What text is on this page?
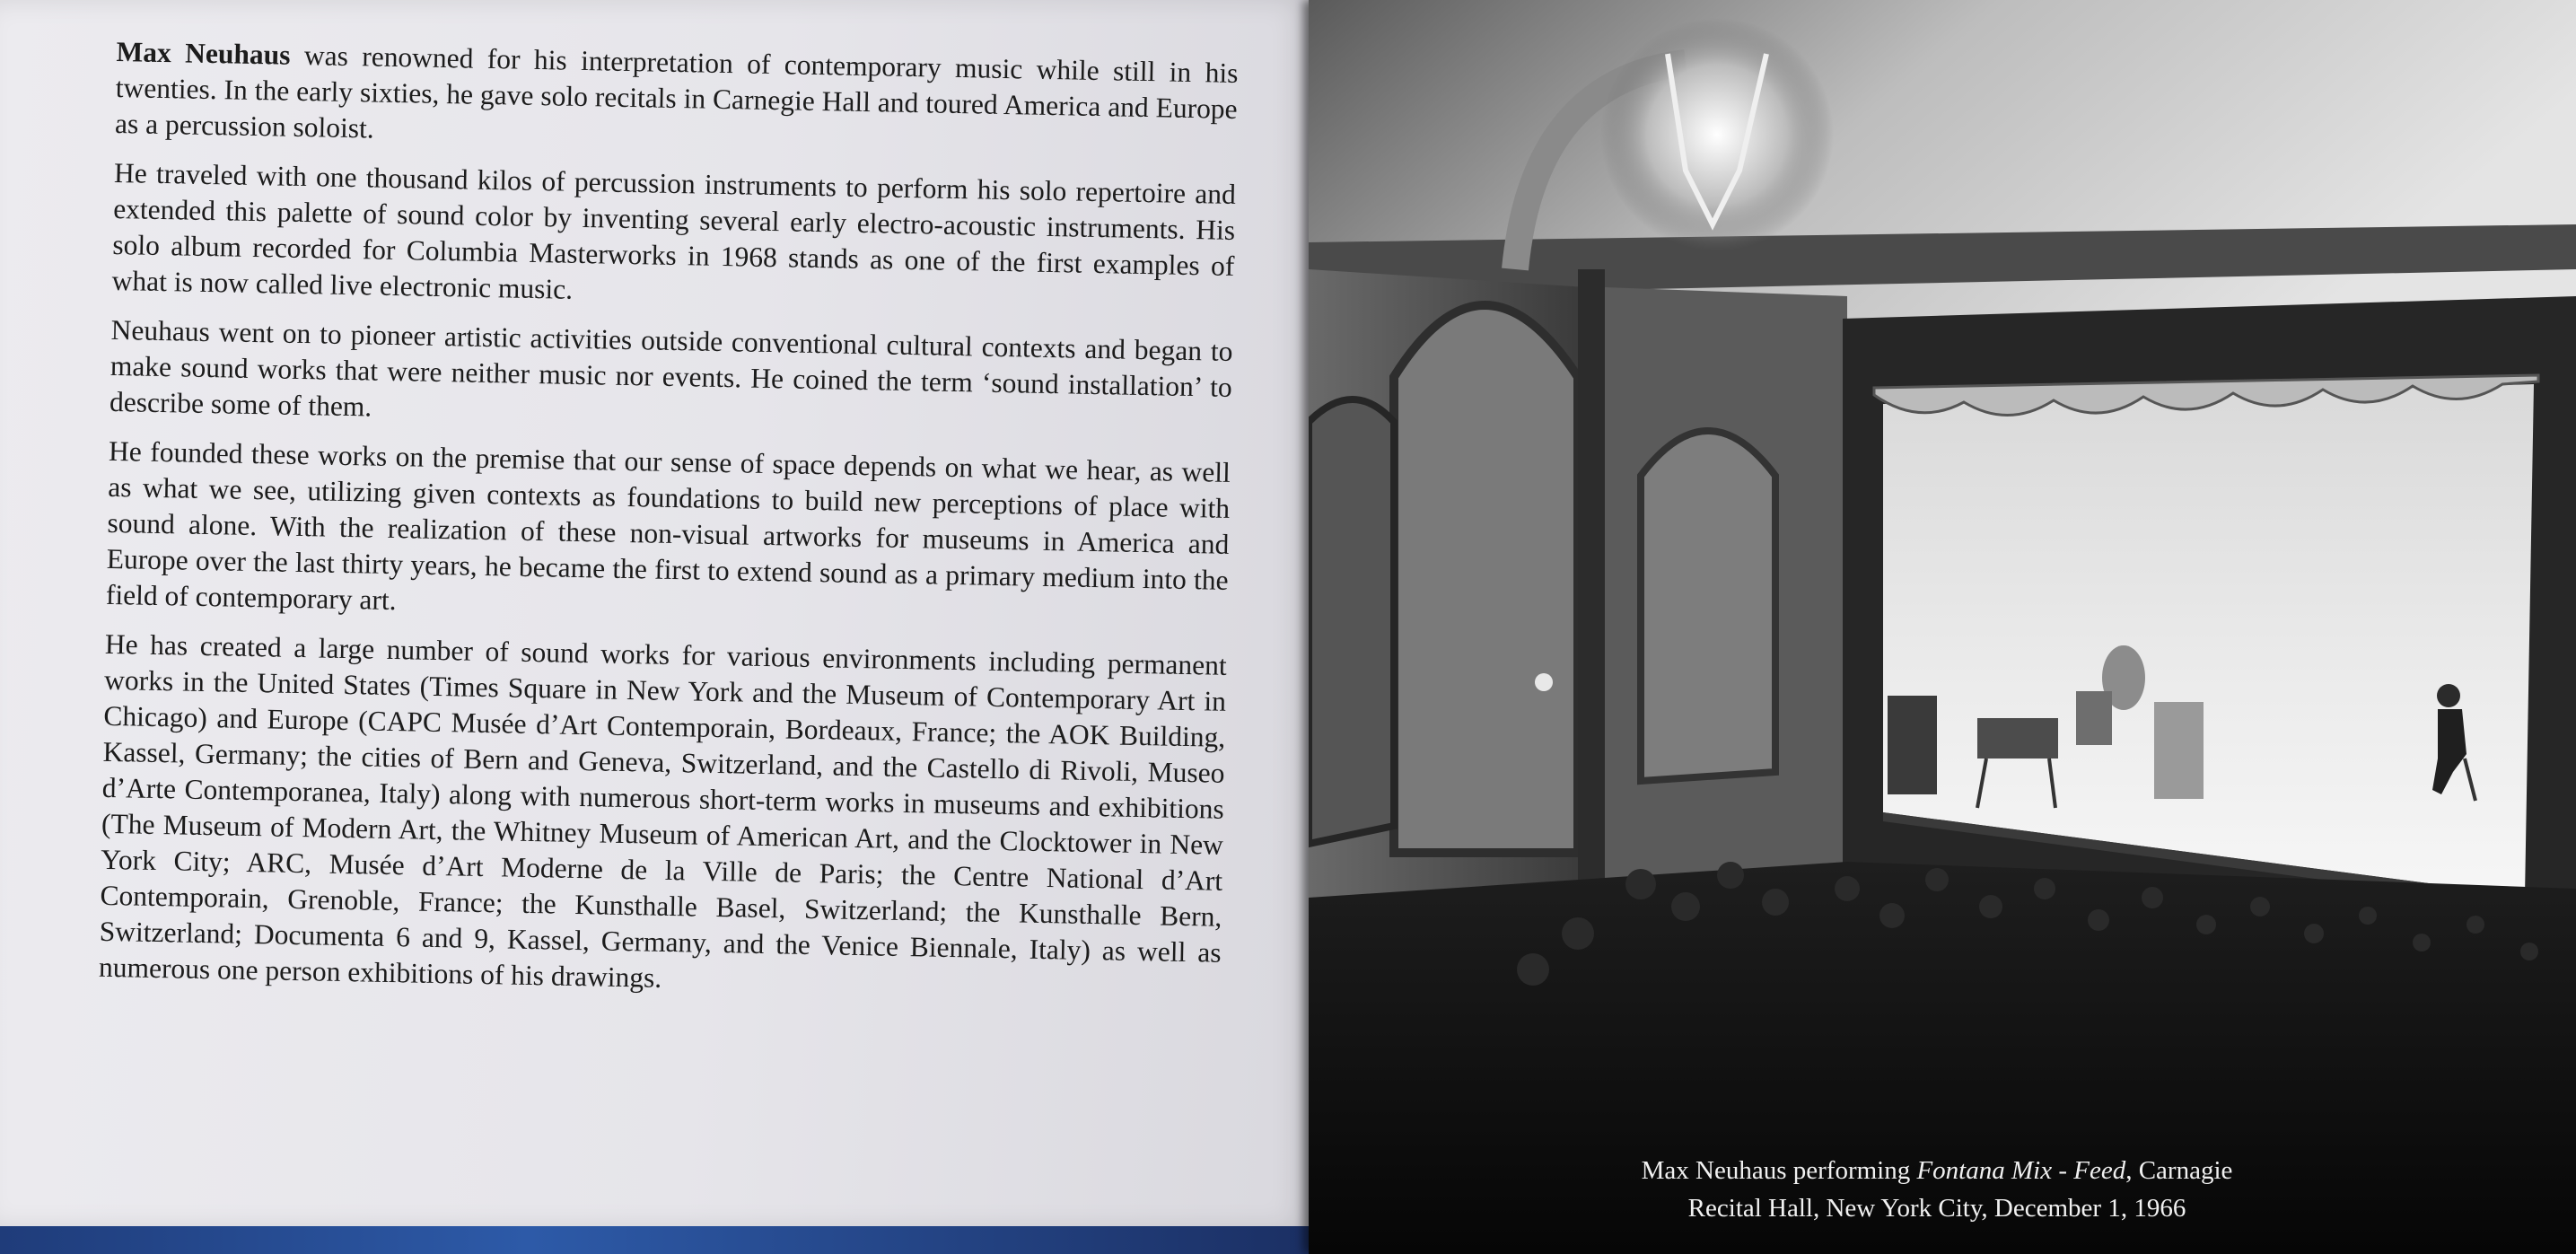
Max Neuhaus was renowned for his interpretation of contemporary music while still in his twenties. In the early sixties, he gave solo recitals in Carnegie Hall and toured America and Europe as a percussion soloist.

He traveled with one thousand kilos of percussion instruments to perform his solo repertoire and extended this palette of sound color by inventing several early electro-acoustic instruments. His solo album recorded for Columbia Masterworks in 1968 stands as one of the first examples of what is now called live electronic music.

Neuhaus went on to pioneer artistic activities outside conventional cultural contexts and began to make sound works that were neither music nor events. He coined the term ‘sound installation’ to describe some of them.

He founded these works on the premise that our sense of space depends on what we hear, as well as what we see, utilizing given contexts as foundations to build new perceptions of place with sound alone. With the realization of these non-visual artworks for museums in America and Europe over the last thirty years, he became the first to extend sound as a primary medium into the field of contemporary art.

He has created a large number of sound works for various environments including permanent works in the United States (Times Square in New York and the Museum of Contemporary Art in Chicago) and Europe (CAPC Musée d’Art Contemporain, Bordeaux, France; the AOK Building, Kassel, Germany; the cities of Bern and Geneva, Switzerland, and the Castello di Rivoli, Museo d’Arte Contemporanea, Italy) along with numerous short-term works in museums and exhibitions (The Museum of Modern Art, the Whitney Museum of American Art, and the Clocktower in New York City; ARC, Musée d’Art Moderne de la Ville de Paris; the Centre National d’Art Contemporain, Grenoble, France; the Kunsthalle Basel, Switzerland; the Kunsthalle Bern, Switzerland; Documenta 6 and 9, Kassel, Germany, and the Venice Biennale, Italy) as well as numerous one person exhibitions of his drawings.

Max Neuhaus performing Fontana Mix - Feed, Carnagie
Recital Hall, New York City, December 1, 1966
